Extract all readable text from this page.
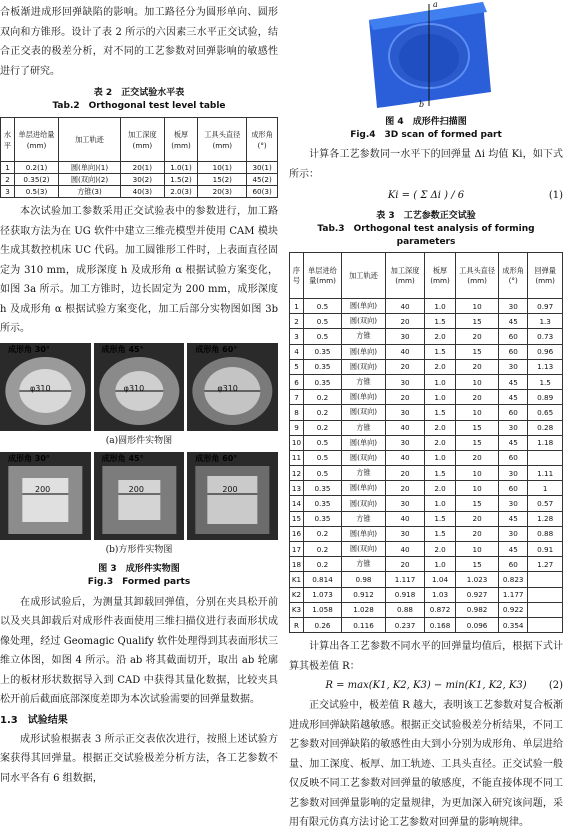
合板渐进成形回弹缺陷的影响。加工路径分为圆形单向、圆形双向和方锥形。设计了表 2 所示的六因素三水平正交试验，结合正交表的极差分析，对不同的工艺参数对回弹影响的敏感性进行了研究。

表 2　正交试验水平表
Tab.2　Orthogonal test level table
水平	单层进给量(mm)	加工轨迹	加工深度(mm)	板厚(mm)	工具头直径(mm)	成形角(°)
1	0.2(1)	圆(单向)(1)	20(1)	1.0(1)	10(1)	30(1)
2	0.35(2)	圆(双向)(2)	30(2)	1.5(2)	15(2)	45(2)
3	0.5(3)	方锥(3)	40(3)	2.0(3)	20(3)	60(3)

本次试验加工参数采用正交试验表中的参数进行，加工路径获取方法为在 UG 软件中建立三维壳模型并使用 CAM 模块生成其数控机床 UC 代码。加工圆锥形工件时，上表面直径固定为 310 mm，成形深度 h 及成形角 α 根据试验方案变化，如图 3a 所示。加工方锥时，边长固定为 200 mm，成形深度 h 及成形角 α 根据试验方案变化，加工后部分实物图如图 3b 所示。

成形角 30°
φ310
成形角 45°
φ310
成形角 60°
φ310
(a)圆形件实物图
成形角 30°
200
成形角 45°
200
成形角 60°
200
(b)方形件实物图
图 3　成形件实物图
Fig.3　Formed parts

在成形试验后，为测量其卸载回弹值，分别在夹具松开前以及夹具卸载后对成形件表面使用三维扫描仪进行表面形状成像处理，经过 Geomagic Qualify 软件处理得到其表面形状三维立体图，如图 4 所示。沿 ab 将其截面切开，取出 ab 轮廓上的板材形状数据导入到 CAD 中获得其量化数据，比较夹具松开前后截面底部深度差即为本次试验需要的回弹量数据。

1.3　试验结果

成形试验根据表 3 所示正交表依次进行，按照上述试验方案获得其回弹量。根据正交试验极差分析方法，各工艺参数不同水平各有 6 组数据，

a
b
图 4　成形件扫描图
Fig.4　3D scan of formed part

计算各工艺参数同一水平下的回弹量 Δi 均值 Ki，如下式所示：

Ki = ( Σ Δi ) / 6	(1)
表 3　工艺参数正交试验
Tab.3　Orthogonal test analysis of forming parameters
序号	单层进给量(mm)	加工轨迹	加工深度(mm)	板厚(mm)	工具头直径(mm)	成形角(°)	回弹量(mm)
1	0.5	圆(单向)	40	1.0	10	30	0.97
2	0.5	圆(双向)	20	1.5	15	45	1.3
3	0.5	方锥	30	2.0	20	60	0.73
4	0.35	圆(单向)	40	1.5	15	60	0.96
5	0.35	圆(双向)	20	2.0	20	30	1.13
6	0.35	方锥	30	1.0	10	45	1.5
7	0.2	圆(单向)	20	1.0	20	45	0.89
8	0.2	圆(双向)	30	1.5	10	60	0.65
9	0.2	方锥	40	2.0	15	30	0.28
10	0.5	圆(单向)	30	2.0	15	45	1.18
11	0.5	圆(双向)	40	1.0	20	60	
12	0.5	方锥	20	1.5	10	30	1.11
13	0.35	圆(单向)	20	2.0	10	60	1
14	0.35	圆(双向)	30	1.0	15	30	0.57
15	0.35	方锥	40	1.5	20	45	1.28
16	0.2	圆(单向)	30	1.5	20	30	0.88
17	0.2	圆(双向)	40	2.0	10	45	0.91
18	0.2	方锥	20	1.0	15	60	1.27
K1	0.814	0.98	1.117	1.04	1.023	0.823	
K2	1.073	0.912	0.918	1.03	0.927	1.177	
K3	1.058	1.028	0.88	0.872	0.982	0.922	
R	0.26	0.116	0.237	0.168	0.096	0.354	

计算出各工艺参数不同水平的回弹量均值后，根据下式计算其极差值 R：

R = max(K1, K2, K3) − min(K1, K2, K3) (2)

正交试验中，极差值 R 越大，表明该工艺参数对复合板渐进成形回弹缺陷越敏感。根据正交试验极差分析结果，不同工艺参数对回弹缺陷的敏感性由大到小分别为成形角、单层进给量、加工深度、板厚、加工轨迹、工具头直径。正交试验一般仅反映不同工艺参数对回弹量的敏感度，不能直接体现不同工艺参数对回弹量影响的定量规律，为更加深入研究该问题，采用有限元仿真方法讨论工艺参数对回弹量的影响规律。
